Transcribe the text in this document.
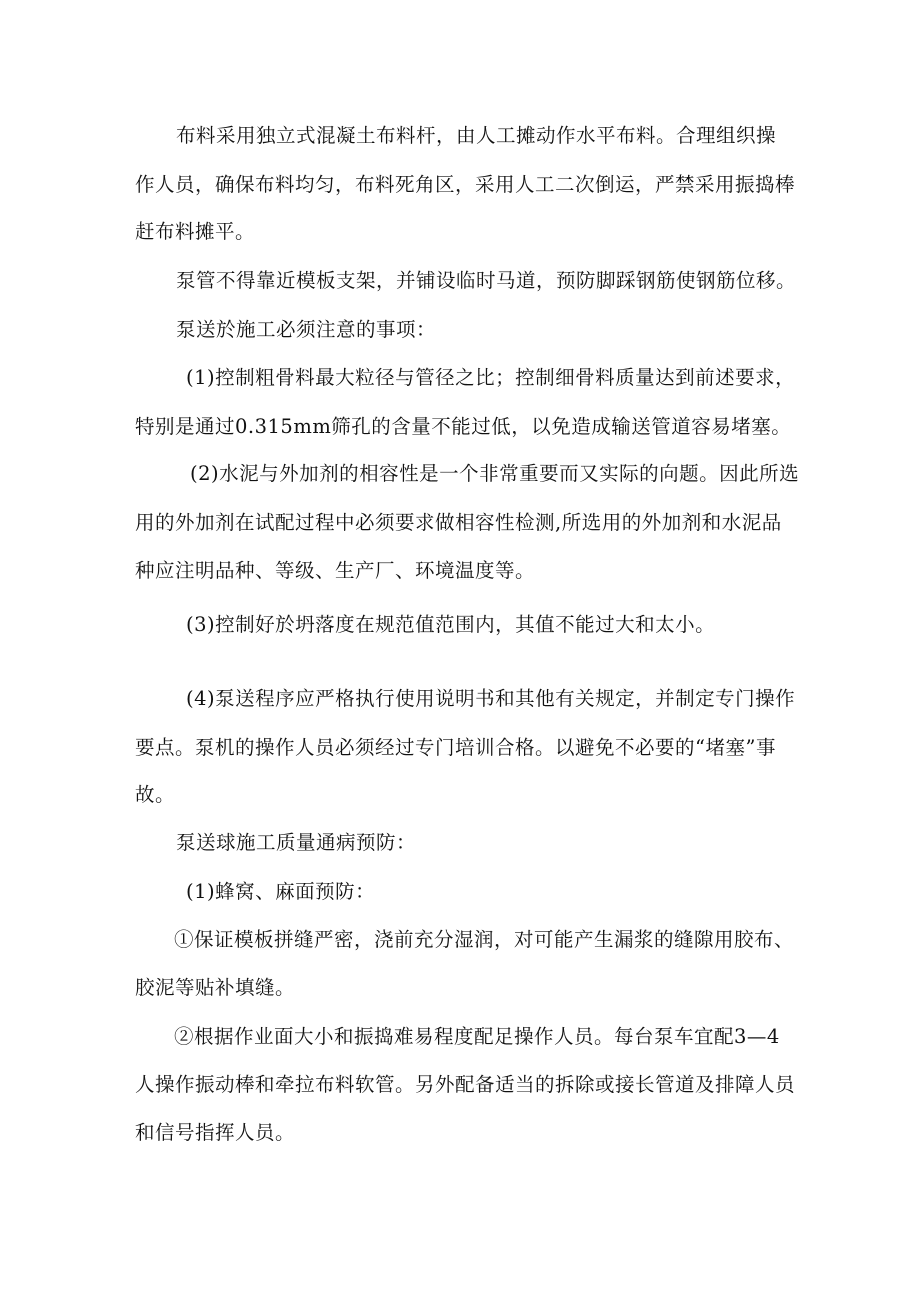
布料采用独立式混凝土布料杆，由人工摊动作水平布料。合理组织操
作人员，确保布料均匀，布料死角区，采用人工二次倒运，严禁采用振捣棒
赶布料摊平。
泵管不得靠近模板支架，并铺设临时马道，预防脚踩钢筋使钢筋位移。
泵送於施工必须注意的事项：
(1)控制粗骨料最大粒径与管径之比；控制细骨料质量达到前述要求，
特别是通过0.315mm筛孔的含量不能过低，以免造成输送管道容易堵塞。
(2)水泥与外加剂的相容性是一个非常重要而又实际的向题。因此所选
用的外加剂在试配过程中必须要求做相容性检测,所选用的外加剂和水泥品
种应注明品种、等级、生产厂、环境温度等。
(3)控制好於坍落度在规范值范围内，其值不能过大和太小。
(4)泵送程序应严格执行使用说明书和其他有关规定，并制定专门操作
要点。泵机的操作人员必须经过专门培训合格。以避免不必要的“堵塞”事
故。
泵送球施工质量通病预防：
(1)蜂窝、麻面预防：
①保证模板拼缝严密，浇前充分湿润，对可能产生漏浆的缝隙用胶布、
胶泥等贴补填缝。
②根据作业面大小和振捣难易程度配足操作人员。每台泵车宜配3—4
人操作振动棒和牵拉布料软管。另外配备适当的拆除或接长管道及排障人员
和信号指挥人员。
